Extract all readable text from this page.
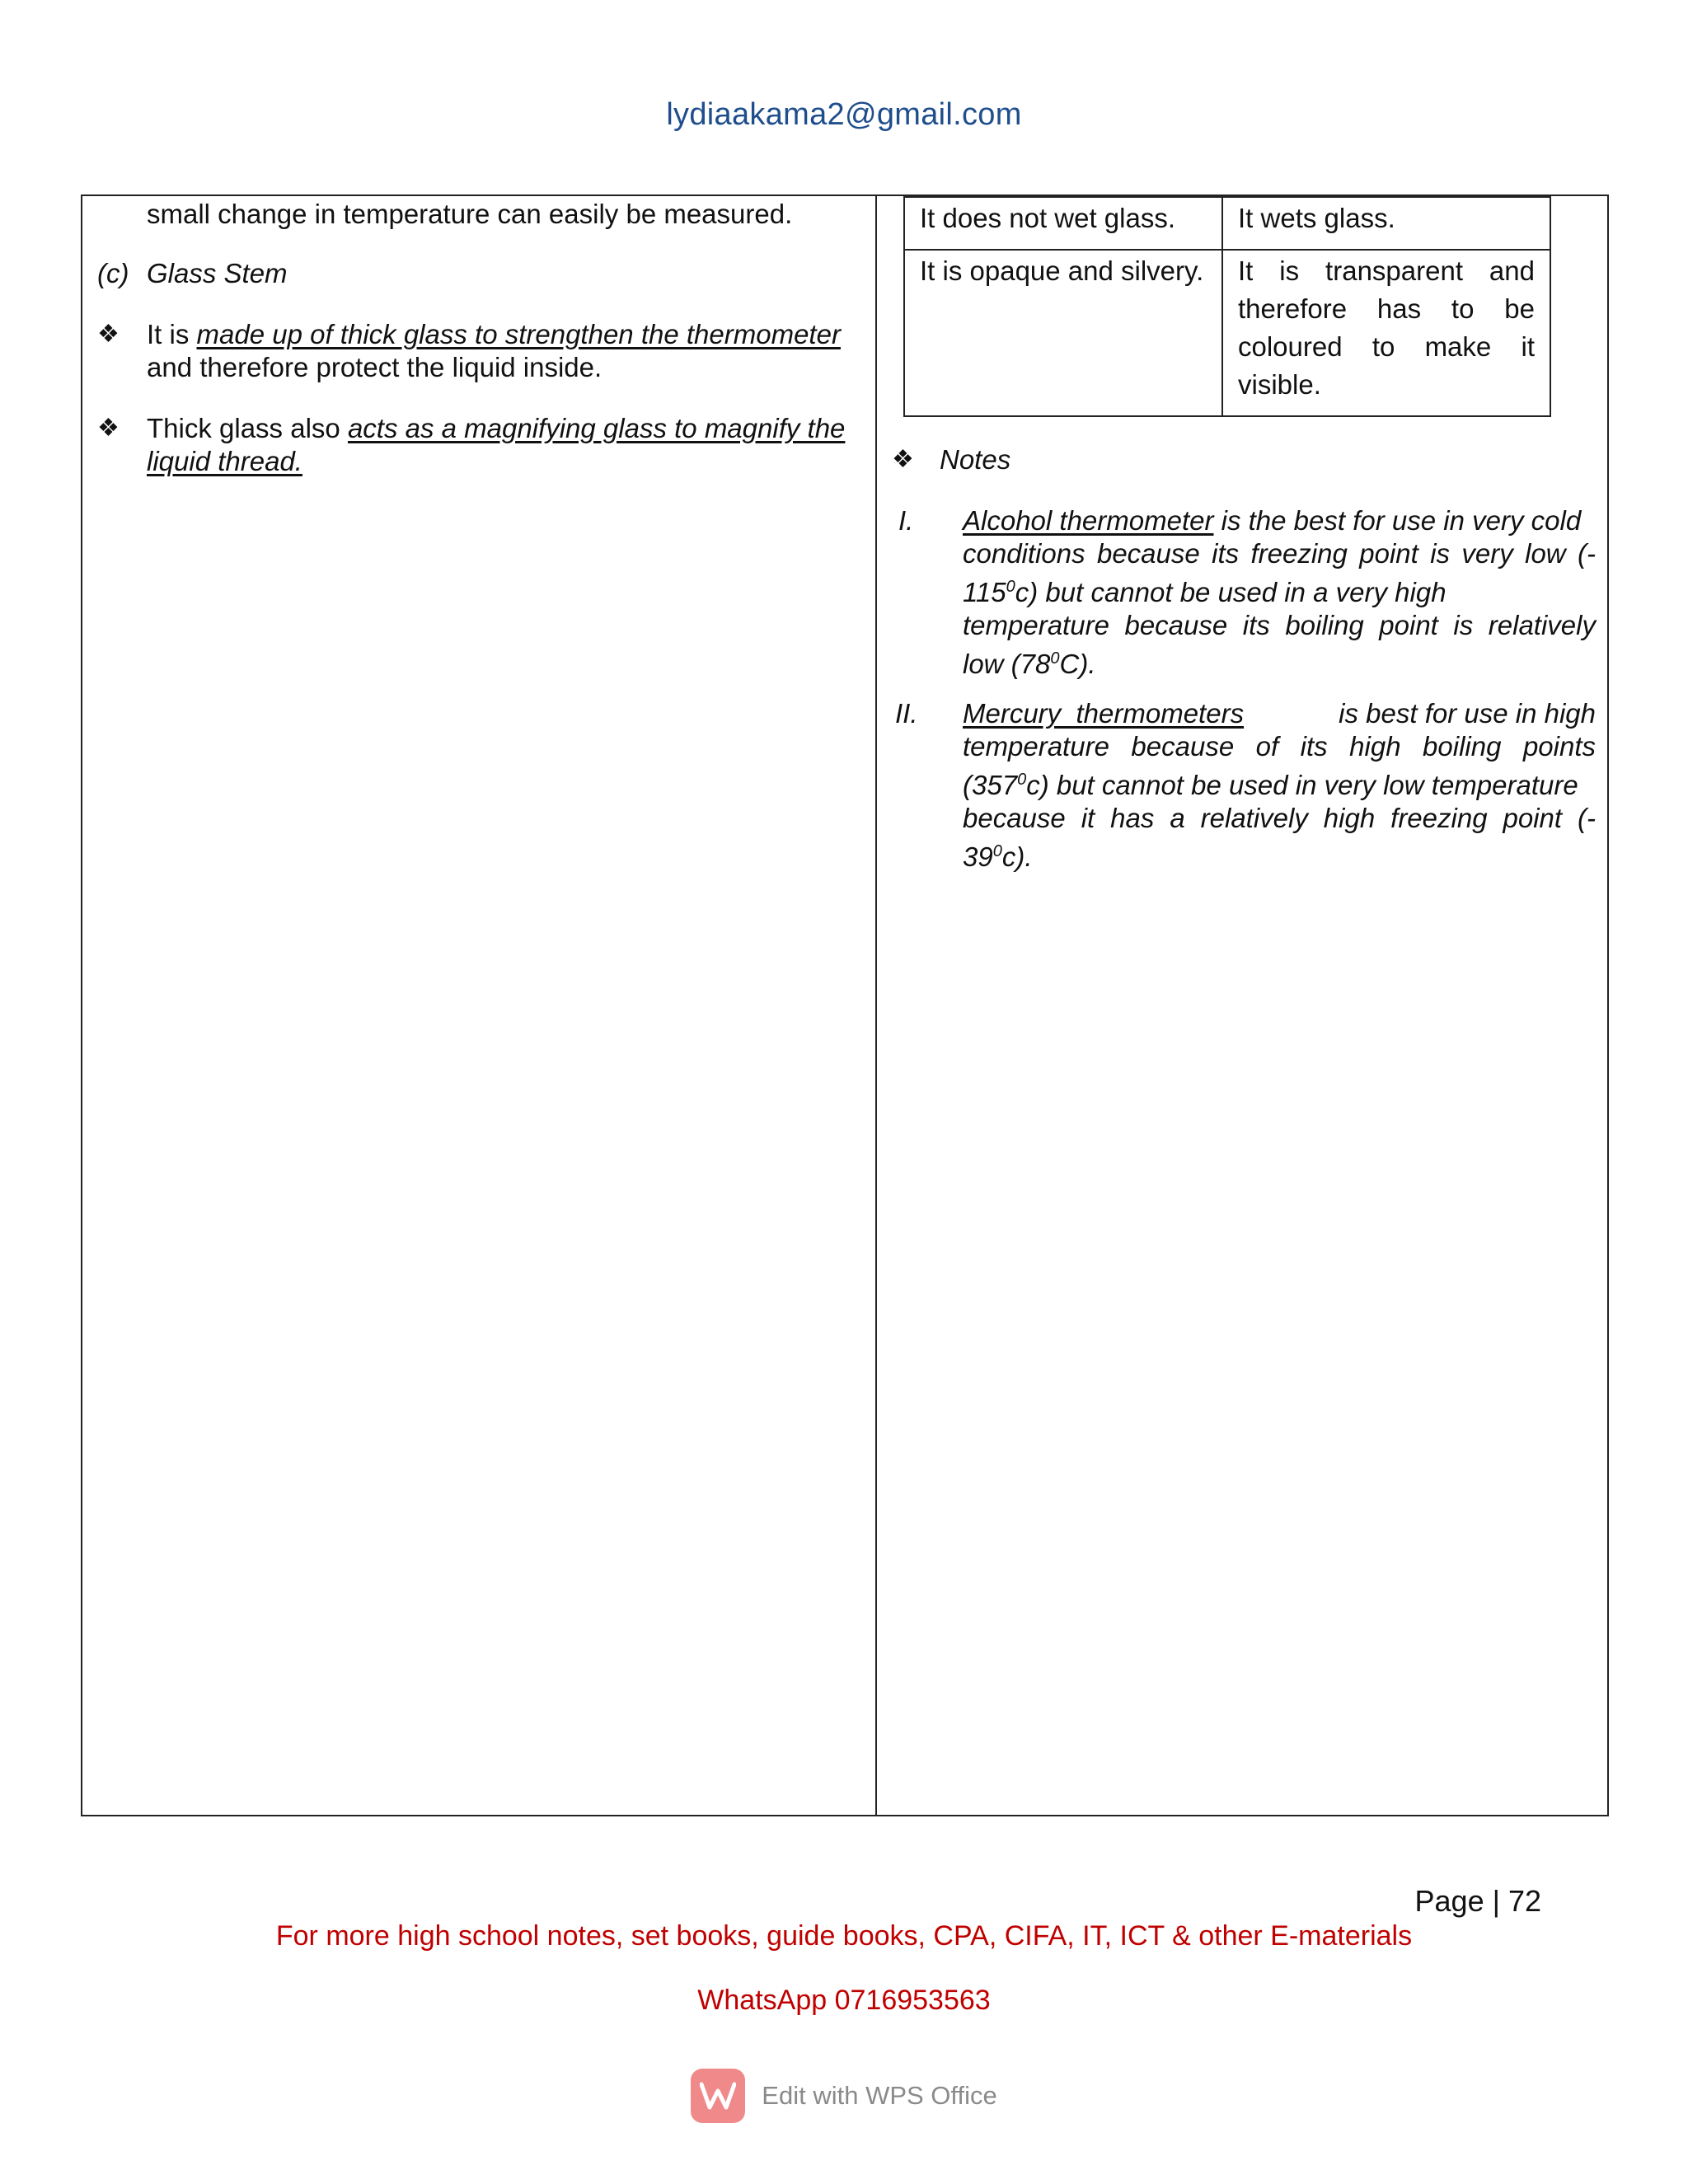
lydiaakama2@gmail.com
small change in temperature can easily be measured.
(c) Glass Stem
❖ It is made up of thick glass to strengthen the thermometer
and therefore protect the liquid inside.
❖ Thick glass also acts as a magnifying glass to magnify the
liquid thread.
It does not wet glass.	It wets glass.
It is opaque and silvery.	It is transparent and therefore has to be coloured to make it visible.
❖ Notes
I. Alcohol thermometer is the best for use in very cold
conditions because its freezing point is very low (-
$115^0c$) but cannot be used in a very high
temperature because its boiling point is relatively
low $(78^0C)$.
II. Mercury  thermometers	is best for use in high
temperature because of its high boiling points
$(357^0c)$ but cannot be used in very low temperature
because it has a relatively high freezing point (-
$39^0c$).
Page | 72
For more high school notes, set books, guide books, CPA, CIFA, IT, ICT & other E-materials
WhatsApp 0716953563
Edit with WPS Office
